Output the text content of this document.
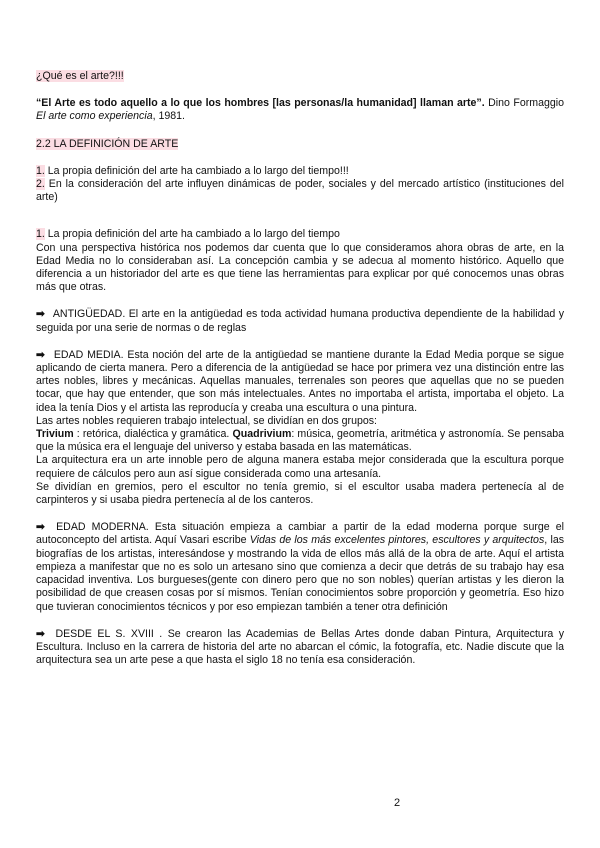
¿Qué es el arte?!!!

“El Arte es todo aquello a lo que los hombres [las personas/la humanidad] llaman arte”. Dino Formaggio El arte como experiencia, 1981.

2.2 LA DEFINICIÓN DE ARTE

1. La propia definición del arte ha cambiado a lo largo del tiempo!!!

2. En la consideración del arte influyen dinámicas de poder, sociales y del mercado artístico (instituciones del arte)

1. La propia definición del arte ha cambiado a lo largo del tiempo

Con una perspectiva histórica nos podemos dar cuenta que lo que consideramos ahora obras de arte, en la Edad Media no lo consideraban así. La concepción cambia y se adecua al momento histórico. Aquello que diferencia a un historiador del arte es que tiene las herramientas para explicar por qué conocemos unas obras más que otras.

➡ ANTIGÜEDAD. El arte en la antigüedad es toda actividad humana productiva dependiente de la habilidad y seguida por una serie de normas o de reglas

➡ EDAD MEDIA. Esta noción del arte de la antigüedad se mantiene durante la Edad Media porque se sigue aplicando de cierta manera. Pero a diferencia de la antigüedad se hace por primera vez una distinción entre las artes nobles, libres y mecánicas. Aquellas manuales, terrenales son peores que aquellas que no se pueden tocar, que hay que entender, que son más intelectuales. Antes no importaba el artista, importaba el objeto. La idea la tenía Dios y el artista las reproducía y creaba una escultura o una pintura.

Las artes nobles requieren trabajo intelectual, se dividían en dos grupos:

Trivium : retórica, dialéctica y gramática. Quadrivium: música, geometría, aritmética y astronomía. Se pensaba que la música era el lenguaje del universo y estaba basada en las matemáticas.

La arquitectura era un arte innoble pero de alguna manera estaba mejor considerada que la escultura porque requiere de cálculos pero aun así sigue considerada como una artesanía.

Se dividían en gremios, pero el escultor no tenía gremio, si el escultor usaba madera pertenecía al de carpinteros y si usaba piedra pertenecía al de los canteros.

➡ EDAD MODERNA. Esta situación empieza a cambiar a partir de la edad moderna porque surge el autoconcepto del artista. Aquí Vasari escribe Vidas de los más excelentes pintores, escultores y arquitectos, las biografías de los artistas, interesándose y mostrando la vida de ellos más allá de la obra de arte. Aquí el artista empieza a manifestar que no es solo un artesano sino que comienza a decir que detrás de su trabajo hay esa capacidad inventiva. Los burgueses(gente con dinero pero que no son nobles) querían artistas y les dieron la posibilidad de que creasen cosas por sí mismos. Tenían conocimientos sobre proporción y geometría. Eso hizo que tuvieran conocimientos técnicos y por eso empiezan también a tener otra definición

➡ DESDE EL S. XVIII . Se crearon las Academias de Bellas Artes donde daban Pintura, Arquitectura y Escultura. Incluso en la carrera de historia del arte no abarcan el cómic, la fotografía, etc. Nadie discute que la arquitectura sea un arte pese a que hasta el siglo 18 no tenía esa consideración.

2
